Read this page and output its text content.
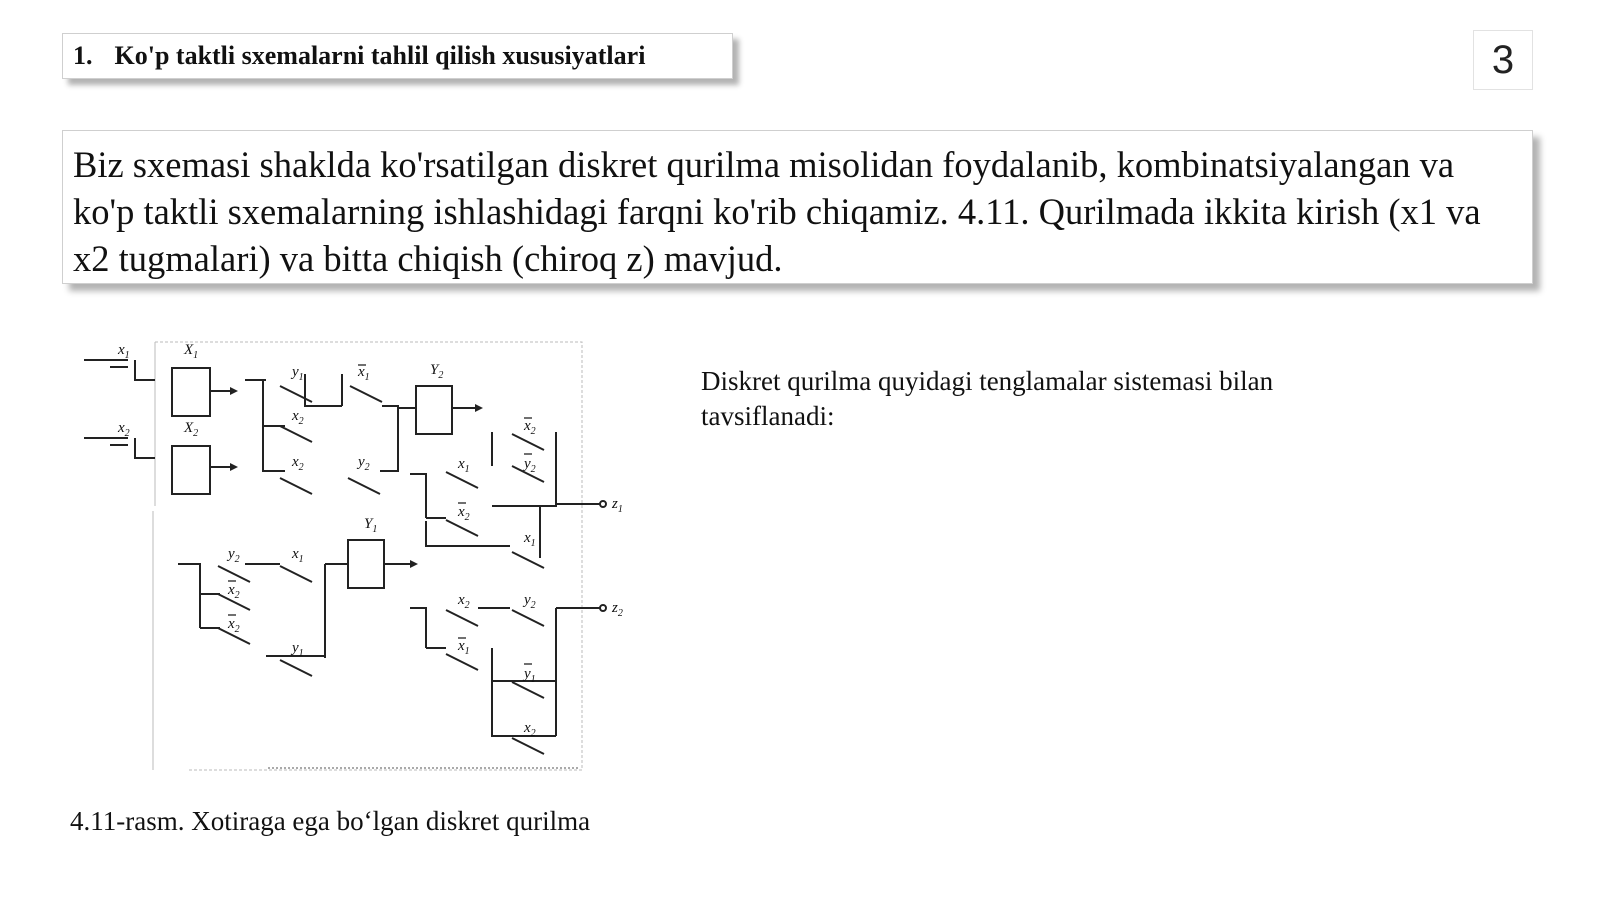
1. Ko'p taktli sxemalarni tahlil qilish xususiyatlari	3
Biz sxemasi shaklda ko'rsatilgan diskret qurilma misolidan foydalanib, kombinatsiyalangan va ko'p taktli sxemalarning ishlashidagi farqni ko'rib chiqamiz. 4.11. Qurilmada ikkita kirish (x1 va x2 tugmalari) va bitta chiqish (chiroq z) mavjud.
$x_1$
$x_2$
$X_1$
$X_2$
$Y_2$
$Y_1$
$z_1$
$z_2$
$y_1$	$x_1$
$x_2$
$x_2$	$y_2$
$x_2$
$y_2$
$x_1$
$x_2$
$x_1$
$y_2$	$x_1$
$x_2$
$x_2$
$y_1$
$x_2$	$y_2$
$x_1$
$y_1$
$x_2$
4.11-rasm. Xotiraga ega bo‘lgan diskret qurilma
Diskret qurilma quyidagi tenglamalar sistemasi bilan tavsiflanadi:
